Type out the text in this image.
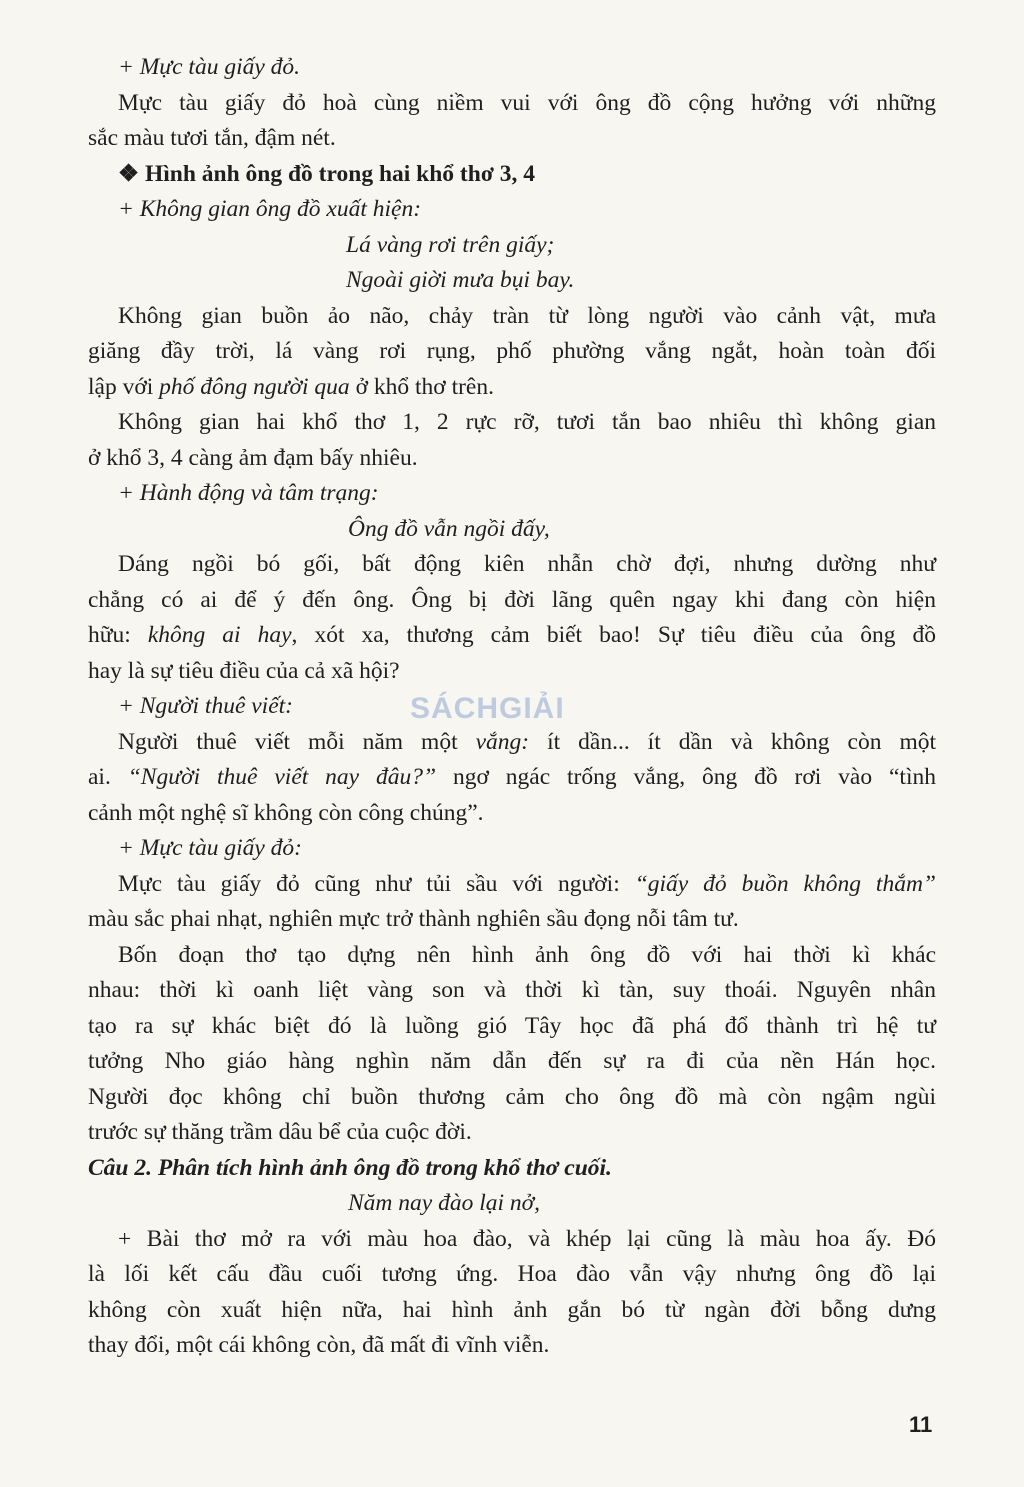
+ Mực tàu giấy đỏ.
Mực tàu giấy đỏ hoà cùng niềm vui với ông đồ cộng hưởng với những
sắc màu tươi tắn, đậm nét.
❖ Hình ảnh ông đồ trong hai khổ thơ 3, 4
+ Không gian ông đồ xuất hiện:
Lá vàng rơi trên giấy;
Ngoài giời mưa bụi bay.
Không gian buồn ảo não, chảy tràn từ lòng người vào cảnh vật, mưa
giăng đầy trời, lá vàng rơi rụng, phố phường vắng ngắt, hoàn toàn đối
lập với phố đông người qua ở khổ thơ trên.
Không gian hai khổ thơ 1, 2 rực rỡ, tươi tắn bao nhiêu thì không gian
ở khổ 3, 4 càng ảm đạm bấy nhiêu.
+ Hành động và tâm trạng:
Ông đồ vẫn ngồi đấy,
Dáng ngồi bó gối, bất động kiên nhẫn chờ đợi, nhưng dường như
chẳng có ai để ý đến ông. Ông bị đời lãng quên ngay khi đang còn hiện
hữu: không ai hay, xót xa, thương cảm biết bao! Sự tiêu điều của ông đồ
hay là sự tiêu điều của cả xã hội?
+ Người thuê viết:
Người thuê viết mỗi năm một vắng: ít dần... ít dần và không còn một
ai. “Người thuê viết nay đâu?” ngơ ngác trống vắng, ông đồ rơi vào “tình
cảnh một nghệ sĩ không còn công chúng”.
+ Mực tàu giấy đỏ:
Mực tàu giấy đỏ cũng như tủi sầu với người: “giấy đỏ buồn không thắm”
màu sắc phai nhạt, nghiên mực trở thành nghiên sầu đọng nỗi tâm tư.
Bốn đoạn thơ tạo dựng nên hình ảnh ông đồ với hai thời kì khác
nhau: thời kì oanh liệt vàng son và thời kì tàn, suy thoái. Nguyên nhân
tạo ra sự khác biệt đó là luồng gió Tây học đã phá đổ thành trì hệ tư
tưởng Nho giáo hàng nghìn năm dẫn đến sự ra đi của nền Hán học.
Người đọc không chỉ buồn thương cảm cho ông đồ mà còn ngậm ngùi
trước sự thăng trầm dâu bể của cuộc đời.
Câu 2. Phân tích hình ảnh ông đồ trong khổ thơ cuối.
Năm nay đào lại nở,
+ Bài thơ mở ra với màu hoa đào, và khép lại cũng là màu hoa ấy. Đó
là lối kết cấu đầu cuối tương ứng. Hoa đào vẫn vậy nhưng ông đồ lại
không còn xuất hiện nữa, hai hình ảnh gắn bó từ ngàn đời bỗng dưng
thay đổi, một cái không còn, đã mất đi vĩnh viễn.
SÁCHGIẢI
11
